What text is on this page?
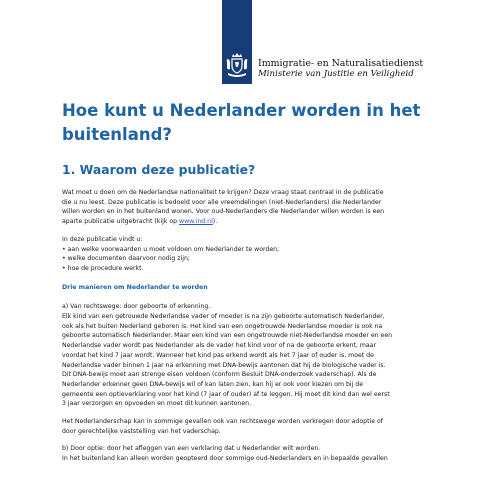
Immigratie- en Naturalisatiedienst
Ministerie van Justitie en Veiligheid
Hoe kunt u Nederlander worden in het buitenland?
1. Waarom deze publicatie?

Wat moet u doen om de Nederlandse nationaliteit te krijgen? Deze vraag staat centraal in de publicatie
die u nu leest. Deze publicatie is bedoeld voor alle vreemdelingen (niet-Nederlanders) die Nederlander
willen worden en in het buitenland wonen. Voor oud-Nederlanders die Nederlander willen worden is een
aparte publicatie uitgebracht (kijk op www.ind.nl).

In deze publicatie vindt u:

• aan welke voorwaarden u moet voldoen om Nederlander te worden;
• welke documenten daarvoor nodig zijn;
• hoe de procedure werkt.

Drie manieren om Nederlander te worden

a) Van rechtswege: door geboorte of erkenning.

Elk kind van een getrouwde Nederlandse vader of moeder is na zijn geboorte automatisch Nederlander,
ook als het buiten Nederland geboren is. Het kind van een ongetrouwde Nederlandse moeder is ook na
geboorte automatisch Nederlander. Maar een kind van een ongetrouwde niet-Nederlandse moeder en een
Nederlandse vader wordt pas Nederlander als de vader het kind voor of na de geboorte erkent, maar
voordat het kind 7 jaar wordt. Wanneer het kind pas erkend wordt als het 7 jaar of ouder is, moet de
Nederlandse vader binnen 1 jaar na erkenning met DNA-bewijs aantonen dat hij de biologische vader is.
Dit DNA-bewijs moet aan strenge eisen voldoen (conform Besluit DNA-onderzoek vaderschap). Als de
Nederlander erkenner geen DNA-bewijs wil of kan laten zien, kan hij er ook voor kiezen om bij de
gemeente een optieverklaring voor het kind (7 jaar of ouder) af te leggen. Hij moet dit kind dan wel eerst
3 jaar verzorgen en opvoeden en moet dit kunnen aantonen.

Het Nederlanderschap kan in sommige gevallen ook van rechtswege worden verkregen door adoptie of
door gerechtelijke vaststelling van het vaderschap.

b) Door optie: door het afleggen van een verklaring dat u Nederlander wilt worden.

In het buitenland kan alleen worden geopteerd door sommige oud-Nederlanders en in bepaalde gevallen
